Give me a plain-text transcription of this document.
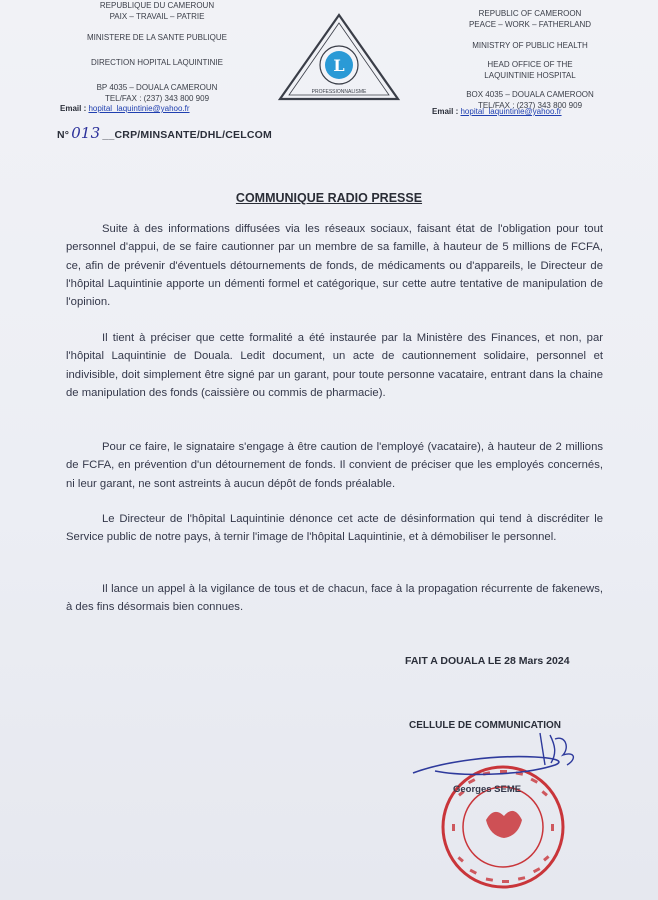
REPUBLIQUE DU CAMEROUN
PAIX – TRAVAIL – PATRIE
MINISTERE DE LA SANTE PUBLIQUE
DIRECTION HOPITAL LAQUINTINIE
BP 4035 – DOUALA CAMEROUN
TEL/FAX : (237) 343 800 909
Email : hopital_laquintinie@yahoo.fr
L
PROFESSIONNALISME
REPUBLIC OF CAMEROON
PEACE – WORK – FATHERLAND
MINISTRY OF PUBLIC HEALTH
HEAD OFFICE OF THE
LAQUINTINIE HOSPITAL
BOX 4035 – DOUALA CAMEROON
TEL/FAX : (237) 343 800 909
Email : hopital_laquintinie@yahoo.fr
N° 013 __CRP/MINSANTE/DHL/CELCOM
COMMUNIQUE RADIO PRESSE
Suite à des informations diffusées via les réseaux sociaux, faisant état de l'obligation pour tout personnel d'appui, de se faire cautionner par un membre de sa famille, à hauteur de 5 millions de FCFA, ce, afin de prévenir d'éventuels détournements de fonds, de médicaments ou d'appareils, le Directeur de l'hôpital Laquintinie apporte un démenti formel et catégorique, sur cette autre tentative de manipulation de l'opinion.
Il tient à préciser que cette formalité a été instaurée par la Ministère des Finances, et non, par l'hôpital Laquintinie de Douala. Ledit document, un acte de cautionnement solidaire, personnel et indivisible, doit simplement être signé par un garant, pour toute personne vacataire, entrant dans la chaine de manipulation des fonds (caissière ou commis de pharmacie).
Pour ce faire, le signataire s'engage à être caution de l'employé (vacataire), à hauteur de 2 millions de FCFA, en prévention d'un détournement de fonds. Il convient de préciser que les employés concernés, ni leur garant, ne sont astreints à aucun dépôt de fonds préalable.
Le Directeur de l'hôpital Laquintinie dénonce cet acte de désinformation qui tend à discréditer le Service public de notre pays, à ternir l'image de l'hôpital Laquintinie, et à démobiliser le personnel.
Il lance un appel à la vigilance de tous et de chacun, face à la propagation récurrente de fakenews, à des fins désormais bien connues.
FAIT A DOUALA LE 28 Mars 2024
CELLULE DE COMMUNICATION
Georges SEME
